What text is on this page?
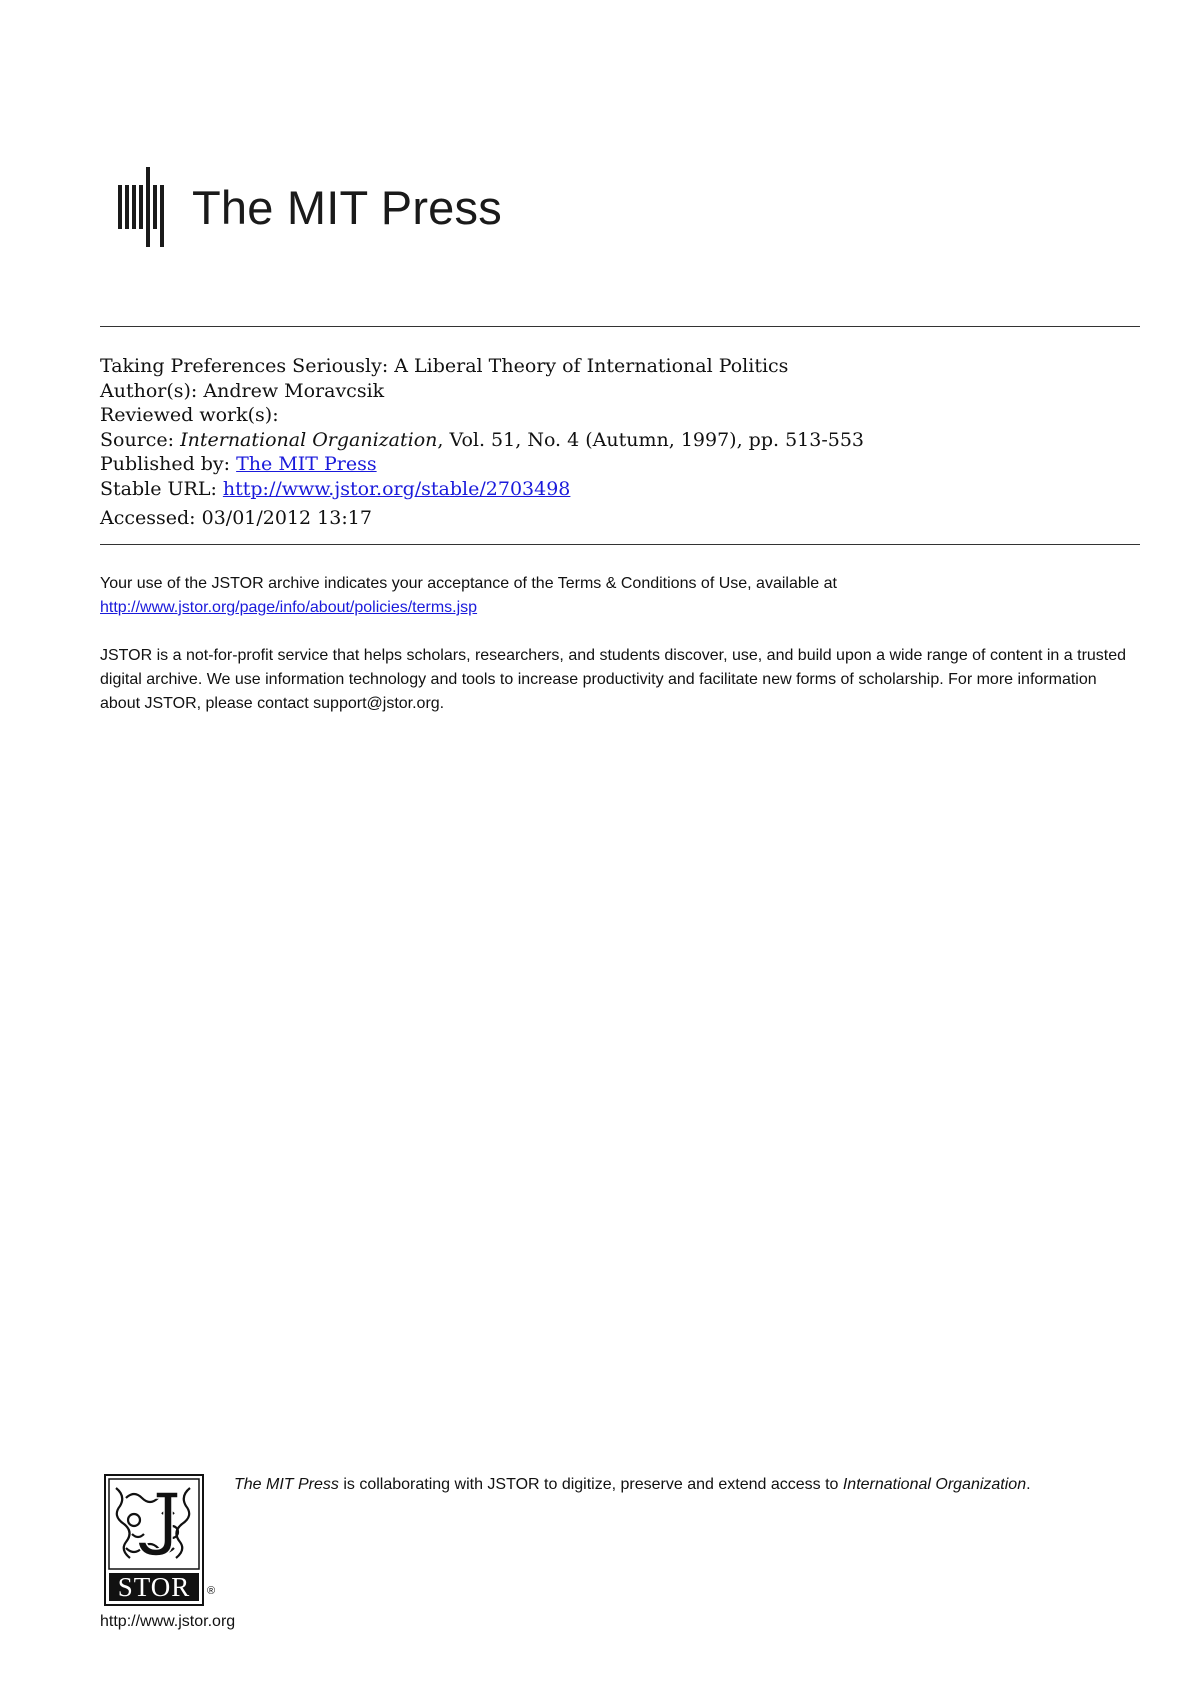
The MIT Press
Taking Preferences Seriously: A Liberal Theory of International Politics
Author(s): Andrew Moravcsik
Reviewed work(s):
Source: International Organization, Vol. 51, No. 4 (Autumn, 1997), pp. 513-553
Published by: The MIT Press
Stable URL: http://www.jstor.org/stable/2703498
Accessed: 03/01/2012 13:17
Your use of the JSTOR archive indicates your acceptance of the Terms & Conditions of Use, available at
http://www.jstor.org/page/info/about/policies/terms.jsp
JSTOR is a not-for-profit service that helps scholars, researchers, and students discover, use, and build upon a wide range of content in a trusted digital archive. We use information technology and tools to increase productivity and facilitate new forms of scholarship. For more information about JSTOR, please contact support@jstor.org.
STOR ®
The MIT Press is collaborating with JSTOR to digitize, preserve and extend access to International Organization.
http://www.jstor.org
